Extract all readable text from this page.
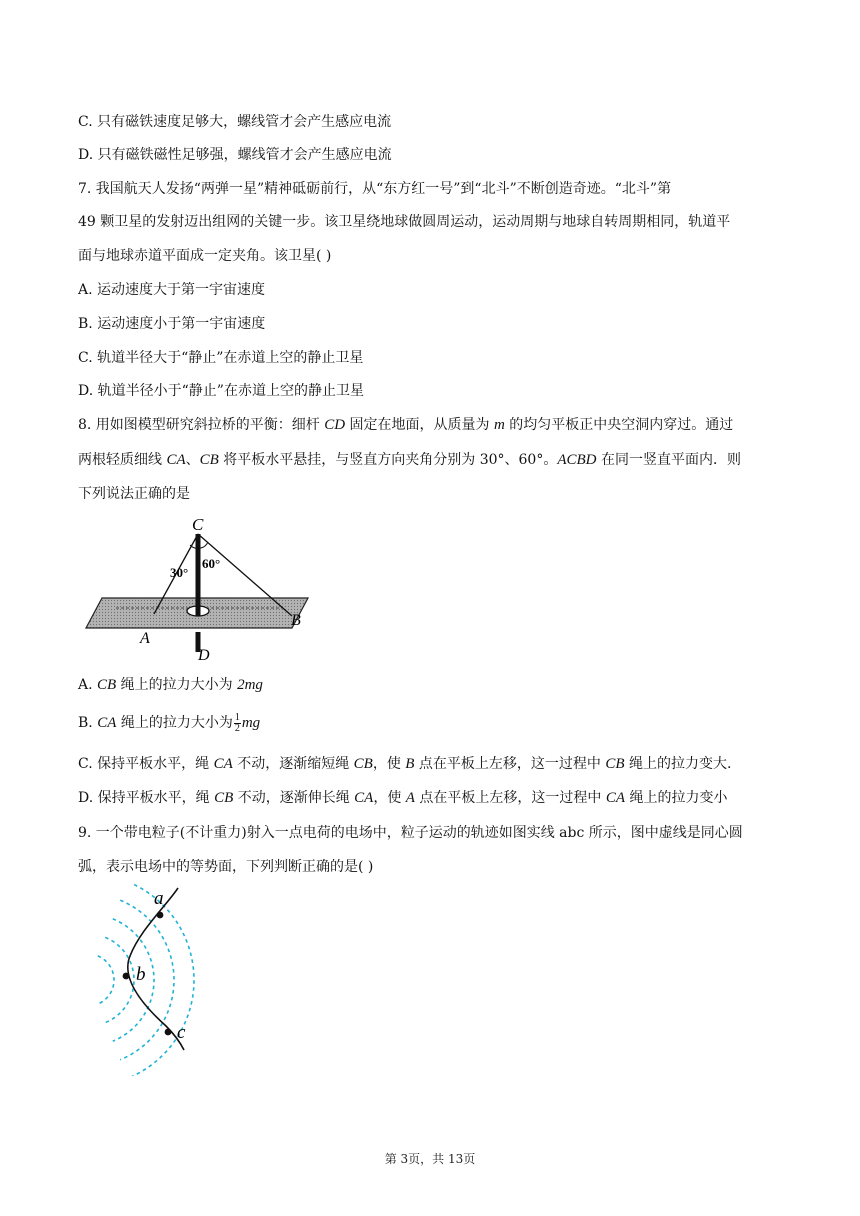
C. 只有磁铁速度足够大，螺线管才会产生感应电流
D. 只有磁铁磁性足够强，螺线管才会产生感应电流
7. 我国航天人发扬“两弹一星”精神砥砺前行，从“东方红一号”到“北斗”不断创造奇迹。“北斗”第
49 颗卫星的发射迈出组网的关键一步。该卫星绕地球做圆周运动，运动周期与地球自转周期相同，轨道平
面与地球赤道平面成一定夹角。该卫星( )
A. 运动速度大于第一宇宙速度
B. 运动速度小于第一宇宙速度
C. 轨道半径大于“静止”在赤道上空的静止卫星
D. 轨道半径小于“静止”在赤道上空的静止卫星
8. 用如图模型研究斜拉桥的平衡：细杆 CD 固定在地面，从质量为 m 的均匀平板正中央空洞内穿过。通过
两根轻质细线 CA、CB 将平板水平悬挂，与竖直方向夹角分别为 30°、60°。ACBD 在同一竖直平面内．则
下列说法正确的是
C
30°
60°
A
B
D
A. CB 绳上的拉力大小为 2mg
B. CA 绳上的拉力大小为 $\frac{1}{2}$ mg
C. 保持平板水平，绳 CA 不动，逐渐缩短绳 CB，使 B 点在平板上左移，这一过程中 CB 绳上的拉力变大.
D. 保持平板水平，绳 CB 不动，逐渐伸长绳 CA，使 A 点在平板上左移，这一过程中 CA 绳上的拉力变小
9. 一个带电粒子(不计重力)射入一点电荷的电场中，粒子运动的轨迹如图实线 abc 所示，图中虚线是同心圆
弧，表示电场中的等势面，下列判断正确的是( )
a
b
c
第 3页，共 13页
